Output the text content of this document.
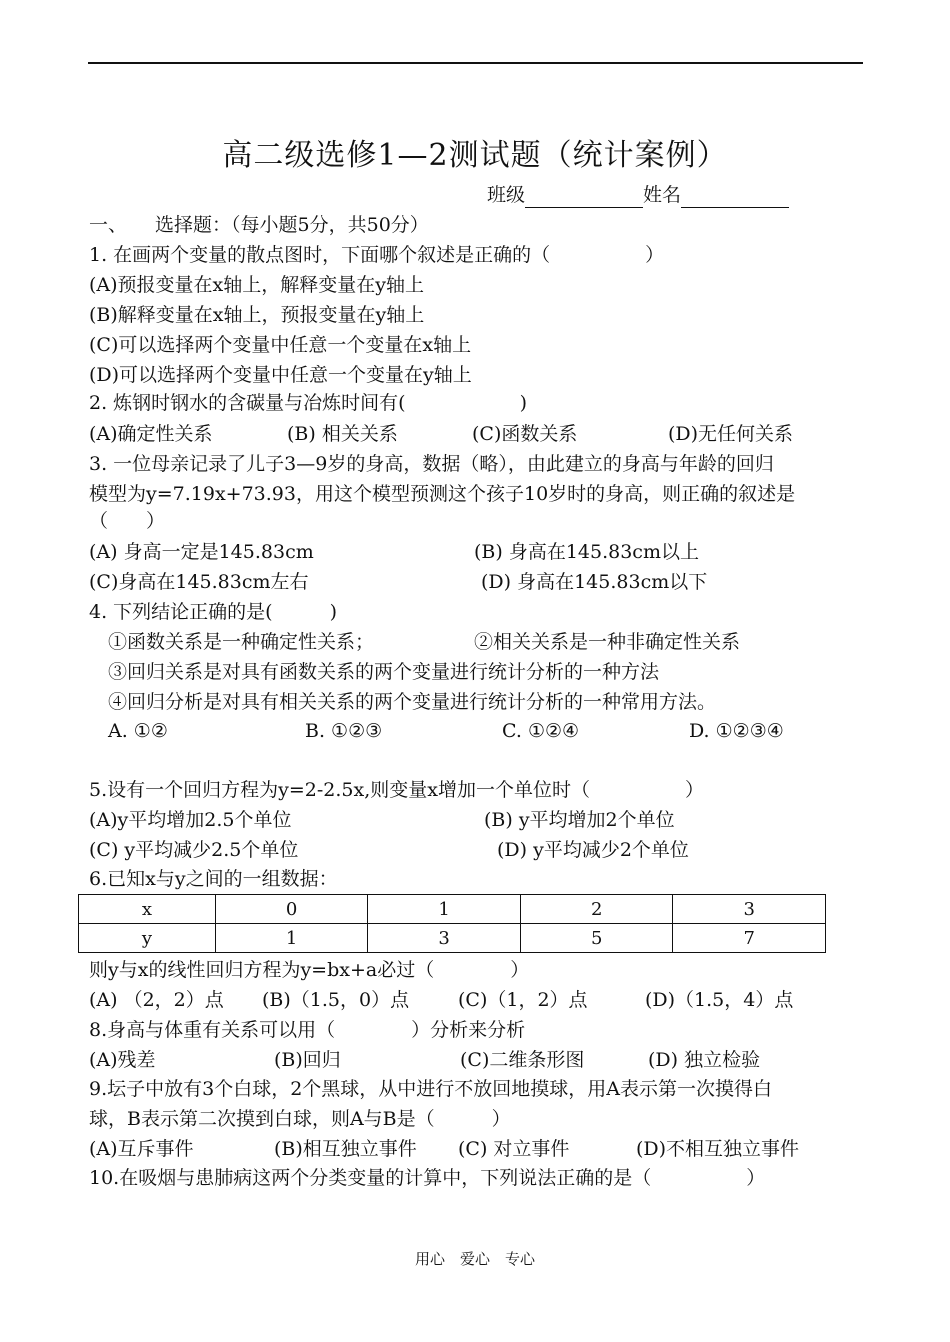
高二级选修1—2测试题（统计案例）
班级	姓名
一、 选择题：（每小题5分，共50分）
1. 在画两个变量的散点图时，下面哪个叙述是正确的（　　　　　）
(A)预报变量在x轴上，解释变量在y轴上
(B)解释变量在x轴上，预报变量在y轴上
(C)可以选择两个变量中任意一个变量在x轴上
(D)可以选择两个变量中任意一个变量在y轴上
2. 炼钢时钢水的含碳量与冶炼时间有(　　　　　　)
(A)确定性关系	(B) 相关关系	(C)函数关系	(D)无任何关系
3. 一位母亲记录了儿子3—9岁的身高，数据（略），由此建立的身高与年龄的回归
模型为y=7.19x+73.93，用这个模型预测这个孩子10岁时的身高，则正确的叙述是
（　　）
(A) 身高一定是145.83cm	(B) 身高在145.83cm以上
(C)身高在145.83cm左右	(D) 身高在145.83cm以下
4. 下列结论正确的是(　　　)
①函数关系是一种确定性关系；	②相关关系是一种非确定性关系
③回归关系是对具有函数关系的两个变量进行统计分析的一种方法
④回归分析是对具有相关关系的两个变量进行统计分析的一种常用方法。
A. ①②	B. ①②③	C. ①②④	D. ①②③④
5.设有一个回归方程为y=2-2.5x,则变量x增加一个单位时（　　　　　）
(A)y平均增加2.5个单位	(B) y平均增加2个单位
(C) y平均减少2.5个单位	(D) y平均减少2个单位
6.已知x与y之间的一组数据：
x	0	1	2	3
y	1	3	5	7
则y与x的线性回归方程为y=bx+a必过（　　　　）
(A) （2，2）点 (B)（1.5，0）点	(C)（1，2）点	(D)（1.5，4）点
8.身高与体重有关系可以用（　　　　）分析来分析
(A)残差	(B)回归	(C)二维条形图	(D) 独立检验
9.坛子中放有3个白球，2个黑球，从中进行不放回地摸球，用A表示第一次摸得白
球，B表示第二次摸到白球，则A与B是（　　　）
(A)互斥事件	(B)相互独立事件 (C) 对立事件	(D)不相互独立事件
10.在吸烟与患肺病这两个分类变量的计算中，下列说法正确的是（　　　　　）
用心　爱心　专心
